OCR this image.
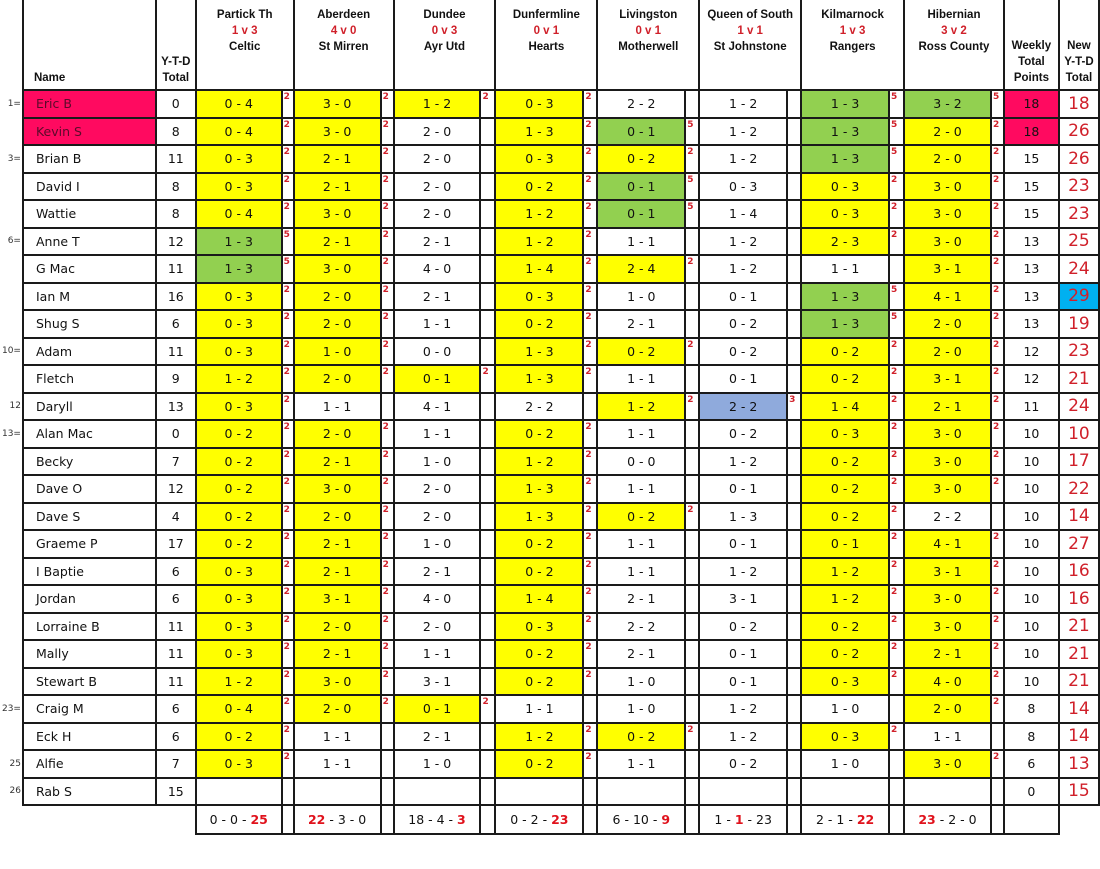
	Name	Y-T-D
Total	Partick Th
1 v 3
Celtic		Aberdeen
4 v 0
St Mirren		Dundee
0 v 3
Ayr Utd		Dunfermline
0 v 1
Hearts		Livingston
0 v 1
Motherwell		Queen of South
1 v 1
St Johnstone		Kilmarnock
1 v 3
Rangers		Hibernian
3 v 2
Ross County		Weekly
Total
Points	New
Y-T-D
Total
1=	Eric B	0	0 - 4	2	3 - 0	2	1 - 2	2	0 - 3	2	2 - 2		1 - 2		1 - 3	5	3 - 2	5	18	18
	Kevin S	8	0 - 4	2	3 - 0	2	2 - 0		1 - 3	2	0 - 1	5	1 - 2		1 - 3	5	2 - 0	2	18	26
3=	Brian B	11	0 - 3	2	2 - 1	2	2 - 0		0 - 3	2	0 - 2	2	1 - 2		1 - 3	5	2 - 0	2	15	26
	David I	8	0 - 3	2	2 - 1	2	2 - 0		0 - 2	2	0 - 1	5	0 - 3		0 - 3	2	3 - 0	2	15	23
	Wattie	8	0 - 4	2	3 - 0	2	2 - 0		1 - 2	2	0 - 1	5	1 - 4		0 - 3	2	3 - 0	2	15	23
6=	Anne T	12	1 - 3	5	2 - 1	2	2 - 1		1 - 2	2	1 - 1		1 - 2		2 - 3	2	3 - 0	2	13	25
	G Mac	11	1 - 3	5	3 - 0	2	4 - 0		1 - 4	2	2 - 4	2	1 - 2		1 - 1		3 - 1	2	13	24
	Ian M	16	0 - 3	2	2 - 0	2	2 - 1		0 - 3	2	1 - 0		0 - 1		1 - 3	5	4 - 1	2	13	29
	Shug S	6	0 - 3	2	2 - 0	2	1 - 1		0 - 2	2	2 - 1		0 - 2		1 - 3	5	2 - 0	2	13	19
10=	Adam	11	0 - 3	2	1 - 0	2	0 - 0		1 - 3	2	0 - 2	2	0 - 2		0 - 2	2	2 - 0	2	12	23
	Fletch	9	1 - 2	2	2 - 0	2	0 - 1	2	1 - 3	2	1 - 1		0 - 1		0 - 2	2	3 - 1	2	12	21
12	Daryll	13	0 - 3	2	1 - 1		4 - 1		2 - 2		1 - 2	2	2 - 2	3	1 - 4	2	2 - 1	2	11	24
13=	Alan Mac	0	0 - 2	2	2 - 0	2	1 - 1		0 - 2	2	1 - 1		0 - 2		0 - 3	2	3 - 0	2	10	10
	Becky	7	0 - 2	2	2 - 1	2	1 - 0		1 - 2	2	0 - 0		1 - 2		0 - 2	2	3 - 0	2	10	17
	Dave O	12	0 - 2	2	3 - 0	2	2 - 0		1 - 3	2	1 - 1		0 - 1		0 - 2	2	3 - 0	2	10	22
	Dave S	4	0 - 2	2	2 - 0	2	2 - 0		1 - 3	2	0 - 2	2	1 - 3		0 - 2	2	2 - 2		10	14
	Graeme P	17	0 - 2	2	2 - 1	2	1 - 0		0 - 2	2	1 - 1		0 - 1		0 - 1	2	4 - 1	2	10	27
	I Baptie	6	0 - 3	2	2 - 1	2	2 - 1		0 - 2	2	1 - 1		1 - 2		1 - 2	2	3 - 1	2	10	16
	Jordan	6	0 - 3	2	3 - 1	2	4 - 0		1 - 4	2	2 - 1		3 - 1		1 - 2	2	3 - 0	2	10	16
	Lorraine B	11	0 - 3	2	2 - 0	2	2 - 0		0 - 3	2	2 - 2		0 - 2		0 - 2	2	3 - 0	2	10	21
	Mally	11	0 - 3	2	2 - 1	2	1 - 1		0 - 2	2	2 - 1		0 - 1		0 - 2	2	2 - 1	2	10	21
	Stewart B	11	1 - 2	2	3 - 0	2	3 - 1		0 - 2	2	1 - 0		0 - 1		0 - 3	2	4 - 0	2	10	21
23=	Craig M	6	0 - 4	2	2 - 0	2	0 - 1	2	1 - 1		1 - 0		1 - 2		1 - 0		2 - 0	2	8	14
	Eck H	6	0 - 2	2	1 - 1		2 - 1		1 - 2	2	0 - 2	2	1 - 2		0 - 3	2	1 - 1		8	14
25	Alfie	7	0 - 3	2	1 - 1		1 - 0		0 - 2	2	1 - 1		0 - 2		1 - 0		3 - 0	2	6	13
26	Rab S	15																	0	15
			0 - 0 - 25		22 - 3 - 0		18 - 4 - 3		0 - 2 - 23		6 - 10 - 9		1 - 1 - 23		2 - 1 - 22		23 - 2 - 0			
